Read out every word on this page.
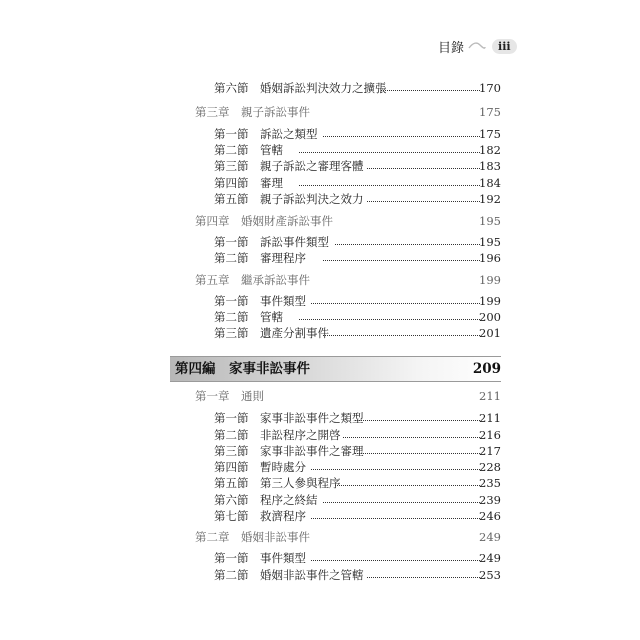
目錄	iii
第六節　婚姻訴訟判決效力之擴張	170
第三章　親子訴訟事件	175
第一節　訴訟之類型	175
第二節　管轄	182
第三節　親子訴訟之審理客體	183
第四節　審理	184
第五節　親子訴訟判決之效力	192
第四章　婚姻財產訴訟事件	195
第一節　訴訟事件類型	195
第二節　審理程序	196
第五章　繼承訴訟事件	199
第一節　事件類型	199
第二節　管轄	200
第三節　遺產分割事件	201
第四編　家事非訟事件	209
第一章　通則	211
第一節　家事非訟事件之類型	211
第二節　非訟程序之開啓	216
第三節　家事非訟事件之審理	217
第四節　暫時處分	228
第五節　第三人參與程序	235
第六節　程序之終結	239
第七節　救濟程序	246
第二章　婚姻非訟事件	249
第一節　事件類型	249
第二節　婚姻非訟事件之管轄	253
